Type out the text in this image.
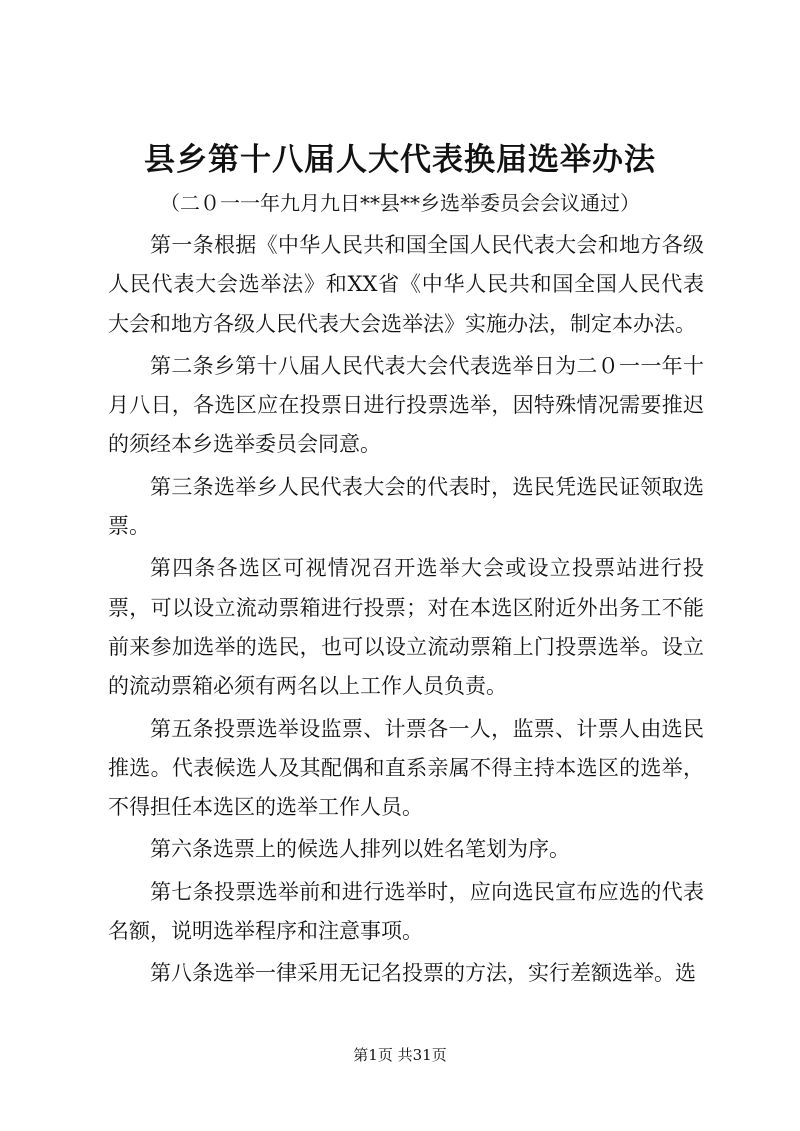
县乡第十八届人大代表换届选举办法
（二０一一年九月九日**县**乡选举委员会会议通过）

第一条根据《中华人民共和国全国人民代表大会和地方各级人民代表大会选举法》和XX省《中华人民共和国全国人民代表大会和地方各级人民代表大会选举法》实施办法，制定本办法。

第二条乡第十八届人民代表大会代表选举日为二０一一年十月八日，各选区应在投票日进行投票选举，因特殊情况需要推迟的须经本乡选举委员会同意。

第三条选举乡人民代表大会的代表时，选民凭选民证领取选票。

第四条各选区可视情况召开选举大会或设立投票站进行投票，可以设立流动票箱进行投票；对在本选区附近外出务工不能前来参加选举的选民，也可以设立流动票箱上门投票选举。设立的流动票箱必须有两名以上工作人员负责。

第五条投票选举设监票、计票各一人，监票、计票人由选民推选。代表候选人及其配偶和直系亲属不得主持本选区的选举，不得担任本选区的选举工作人员。

第六条选票上的候选人排列以姓名笔划为序。

第七条投票选举前和进行选举时，应向选民宣布应选的代表名额，说明选举程序和注意事项。

第八条选举一律采用无记名投票的方法，实行差额选举。选

第1页 共31页
